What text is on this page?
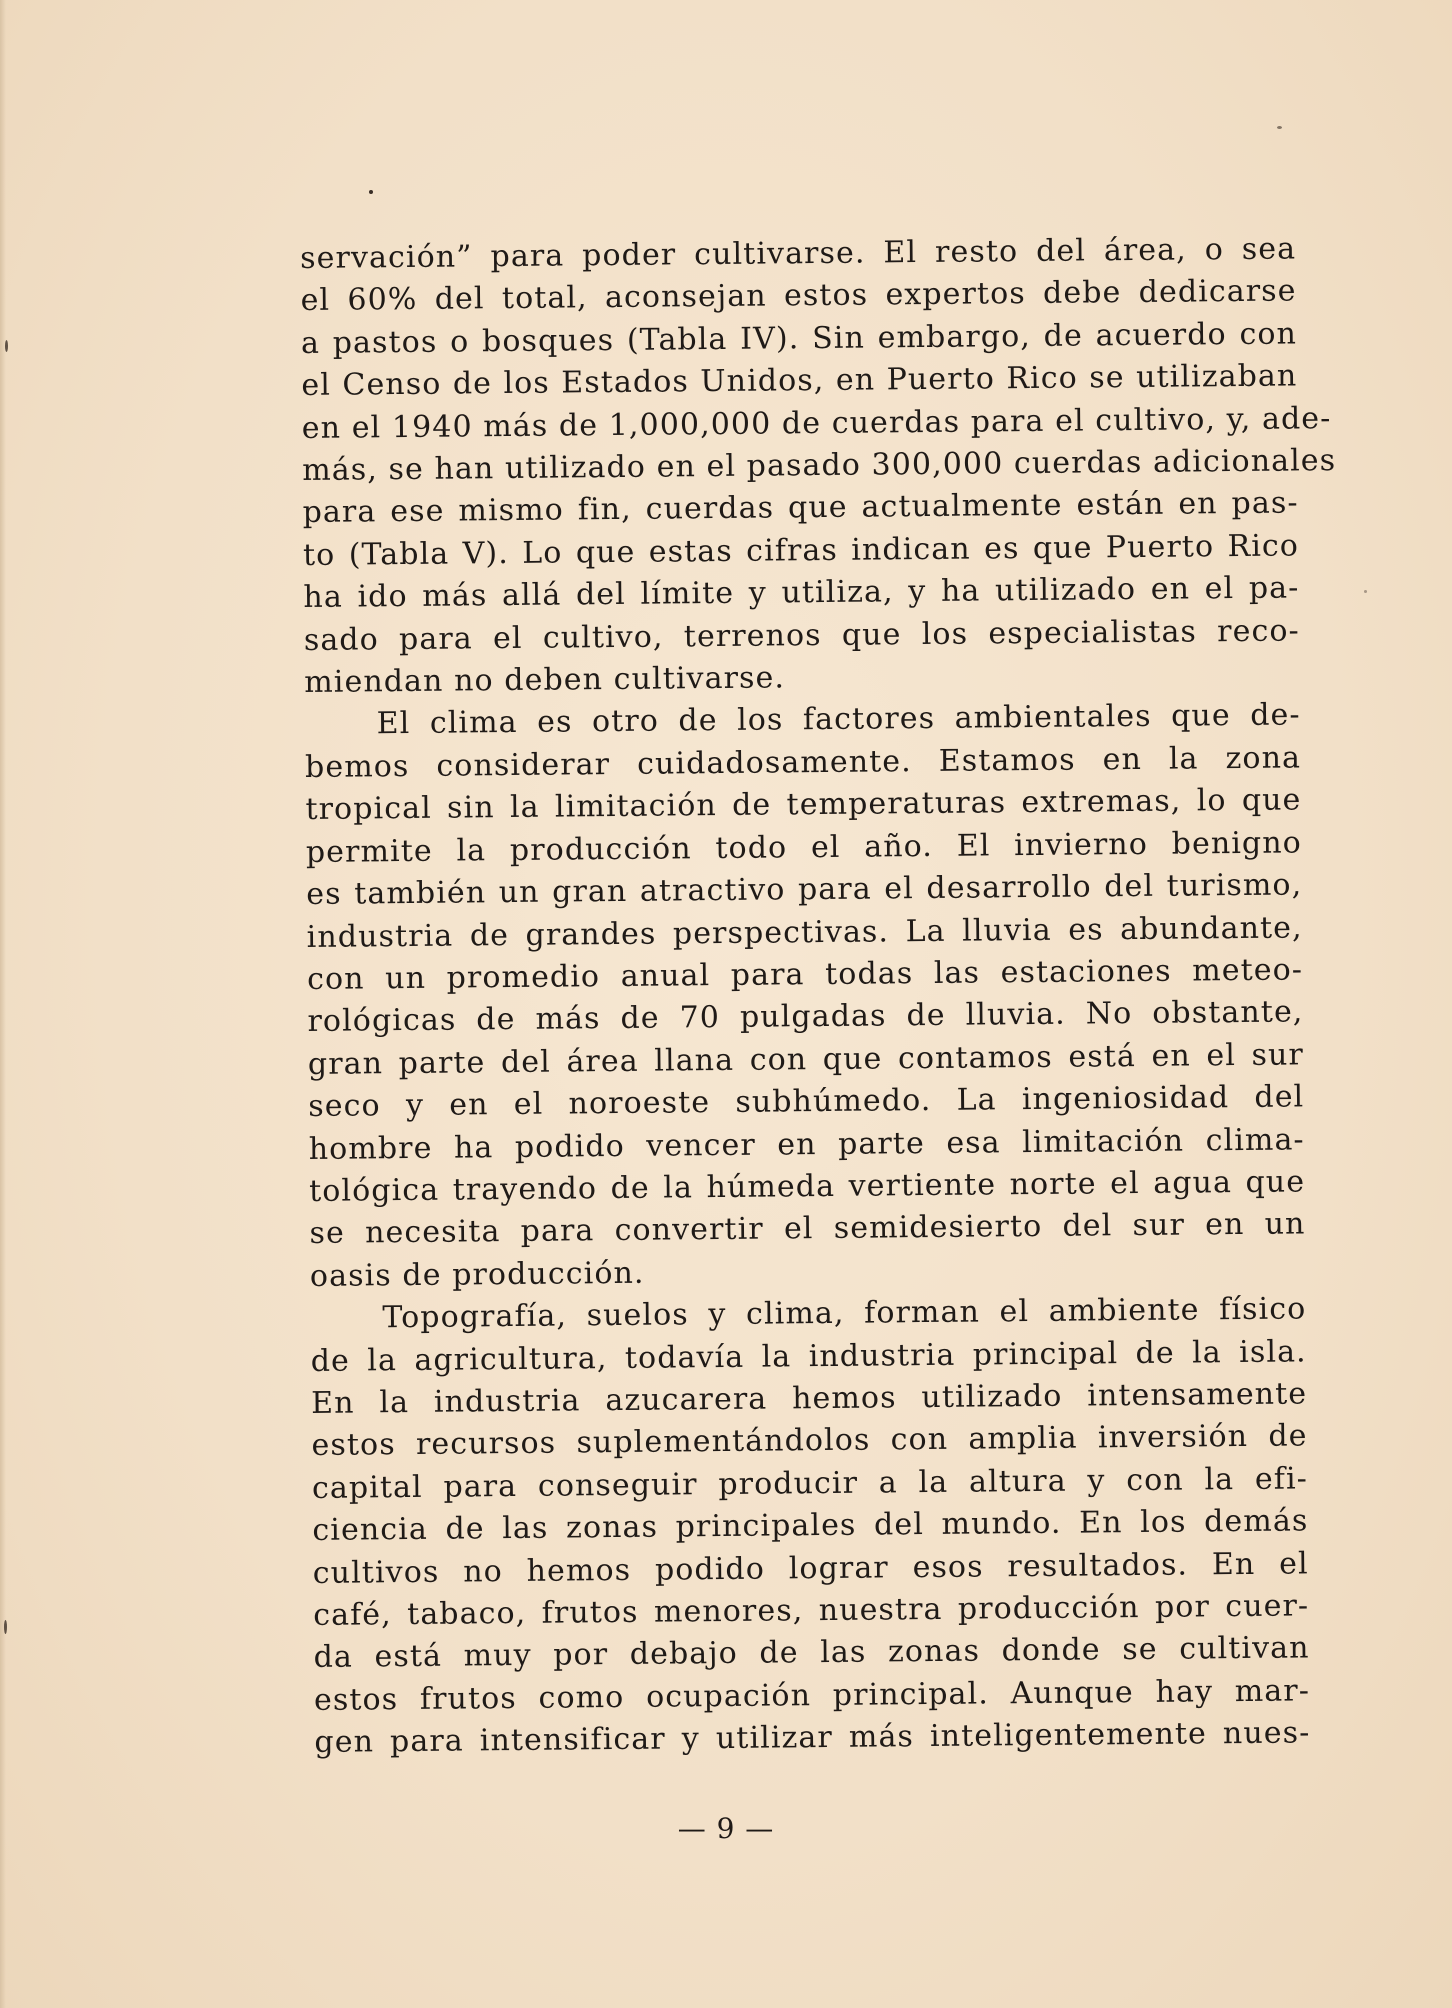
servación” para poder cultivarse. El resto del área, o sea
el 60% del total, aconsejan estos expertos debe dedicarse
a pastos o bosques (Tabla IV). Sin embargo, de acuerdo con
el Censo de los Estados Unidos, en Puerto Rico se utilizaban
en el 1940 más de 1,000,000 de cuerdas para el cultivo, y, ade-
más, se han utilizado en el pasado 300,000 cuerdas adicionales
para ese mismo fin, cuerdas que actualmente están en pas-
to (Tabla V). Lo que estas cifras indican es que Puerto Rico
ha ido más allá del límite y utiliza, y ha utilizado en el pa-
sado para el cultivo, terrenos que los especialistas reco-
miendan no deben cultivarse.
El clima es otro de los factores ambientales que de-
bemos considerar cuidadosamente. Estamos en la zona
tropical sin la limitación de temperaturas extremas, lo que
permite la producción todo el año. El invierno benigno
es también un gran atractivo para el desarrollo del turismo,
industria de grandes perspectivas. La lluvia es abundante,
con un promedio anual para todas las estaciones meteo-
rológicas de más de 70 pulgadas de lluvia. No obstante,
gran parte del área llana con que contamos está en el sur
seco y en el noroeste subhúmedo. La ingeniosidad del
hombre ha podido vencer en parte esa limitación clima-
tológica trayendo de la húmeda vertiente norte el agua que
se necesita para convertir el semidesierto del sur en un
oasis de producción.
Topografía, suelos y clima, forman el ambiente físico
de la agricultura, todavía la industria principal de la isla.
En la industria azucarera hemos utilizado intensamente
estos recursos suplementándolos con amplia inversión de
capital para conseguir producir a la altura y con la efi-
ciencia de las zonas principales del mundo. En los demás
cultivos no hemos podido lograr esos resultados. En el
café, tabaco, frutos menores, nuestra producción por cuer-
da está muy por debajo de las zonas donde se cultivan
estos frutos como ocupación principal. Aunque hay mar-
gen para intensificar y utilizar más inteligentemente nues-
— 9 —
